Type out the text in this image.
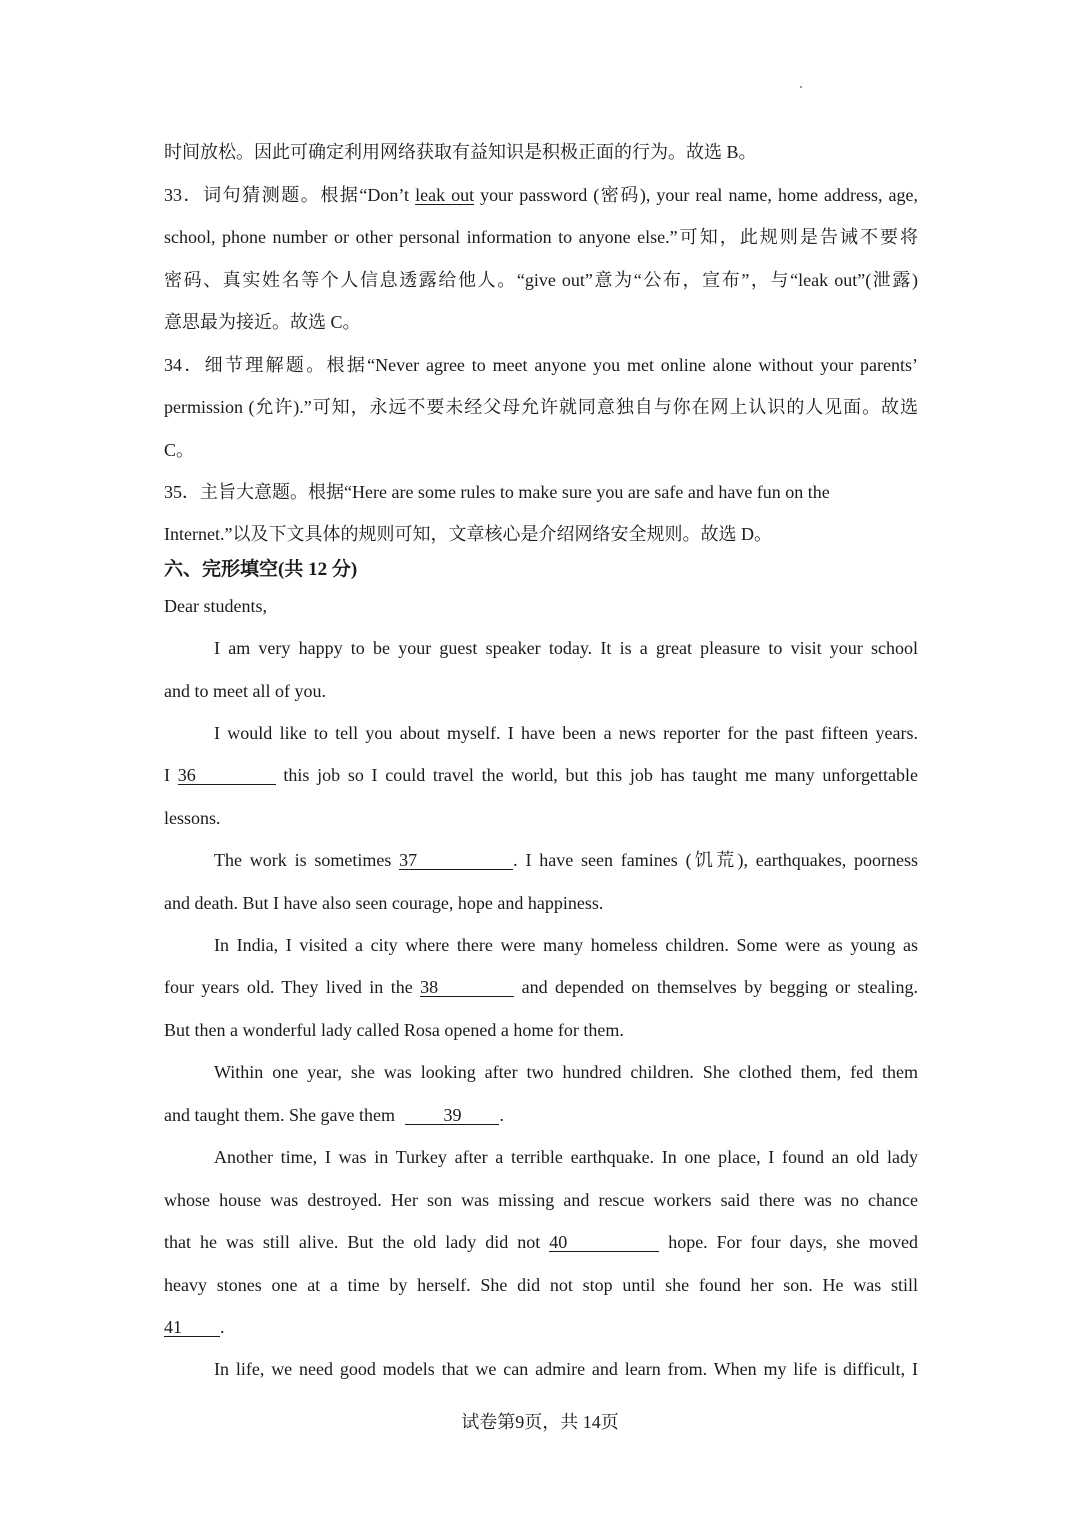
时间放松。因此可确定利用网络获取有益知识是积极正面的行为。故选 B。
33．词句猜测题。根据“Don’t leak out your password (密码), your real name, home address, age,
school, phone number or other personal information to anyone else.”可知，此规则是告诫不要将
密码、真实姓名等个人信息透露给他人。“give out”意为“公布，宣布”，与“leak out”(泄露)
意思最为接近。故选 C。
34．细节理解题。根据“Never agree to meet anyone you met online alone without your parents’
permission (允许).”可知，永远不要未经父母允许就同意独自与你在网上认识的人见面。故选
C。
35．主旨大意题。根据“Here are some rules to make sure you are safe and have fun on the
Internet.”以及下文具体的规则可知，文章核心是介绍网络安全规则。故选 D。
六、完形填空(共 12 分)
Dear students,
I am very happy to be your guest speaker today. It is a great pleasure to visit your school
and to meet all of you.
I would like to tell you about myself. I have been a news reporter for the past fifteen years.
I 36	this job so I could travel the world, but this job has taught me many unforgettable
lessons.
The work is sometimes 37	. I have seen famines (饥荒), earthquakes, poorness
and death. But I have also seen courage, hope and happiness.
In India, I visited a city where there were many homeless children. Some were as young as
four years old. They lived in the 38	and depended on themselves by begging or stealing.
But then a wonderful lady called Rosa opened a home for them.
Within one year, she was looking after two hundred children. She clothed them, fed them
and taught them. She gave them	39 .
Another time, I was in Turkey after a terrible earthquake. In one place, I found an old lady
whose house was destroyed. Her son was missing and rescue workers said there was no chance
that he was still alive. But the old lady did not 40	hope. For four days, she moved
heavy stones one at a time by herself. She did not stop until she found her son. He was still
41 .
In life, we need good models that we can admire and learn from. When my life is difficult, I
试卷第9页，共 14页
